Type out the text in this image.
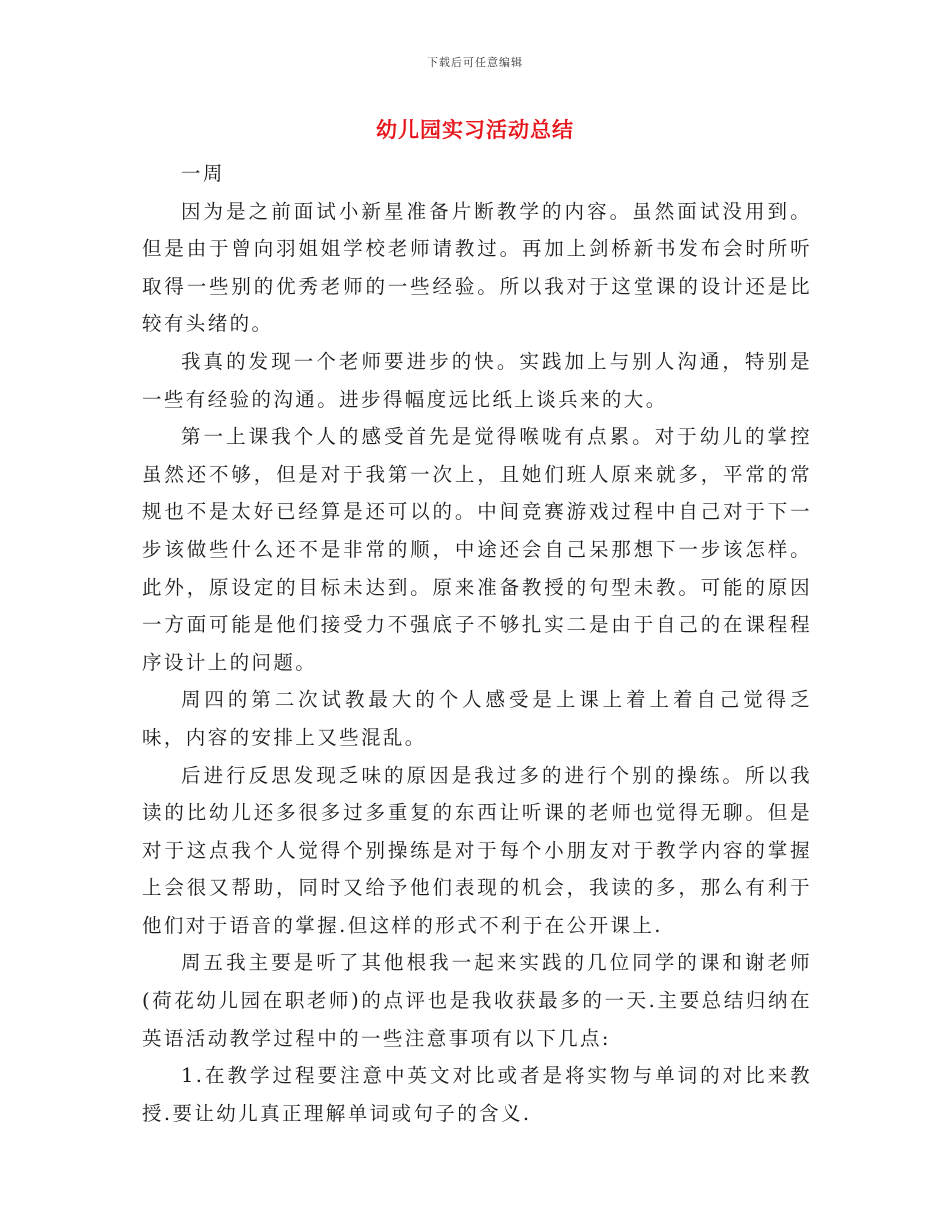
下载后可任意编辑
幼儿园实习活动总结

一周

因为是之前面试小新星准备片断教学的内容。虽然面试没用到。但是由于曾向羽姐姐学校老师请教过。再加上剑桥新书发布会时所听取得一些别的优秀老师的一些经验。所以我对于这堂课的设计还是比较有头绪的。

我真的发现一个老师要进步的快。实践加上与别人沟通，特别是一些有经验的沟通。进步得幅度远比纸上谈兵来的大。

第一上课我个人的感受首先是觉得喉咙有点累。对于幼儿的掌控虽然还不够，但是对于我第一次上，且她们班人原来就多，平常的常规也不是太好已经算是还可以的。中间竞赛游戏过程中自己对于下一步该做些什么还不是非常的顺，中途还会自己呆那想下一步该怎样。此外，原设定的目标未达到。原来准备教授的句型未教。可能的原因一方面可能是他们接受力不强底子不够扎实二是由于自己的在课程程序设计上的问题。

周四的第二次试教最大的个人感受是上课上着上着自己觉得乏味，内容的安排上又些混乱。

后进行反思发现乏味的原因是我过多的进行个别的操练。所以我读的比幼儿还多很多过多重复的东西让听课的老师也觉得无聊。但是对于这点我个人觉得个别操练是对于每个小朋友对于教学内容的掌握上会很又帮助，同时又给予他们表现的机会，我读的多，那么有利于他们对于语音的掌握.但这样的形式不利于在公开课上.

周五我主要是听了其他根我一起来实践的几位同学的课和谢老师(荷花幼儿园在职老师)的点评也是我收获最多的一天.主要总结归纳在英语活动教学过程中的一些注意事项有以下几点:

1.在教学过程要注意中英文对比或者是将实物与单词的对比来教授.要让幼儿真正理解单词或句子的含义.
